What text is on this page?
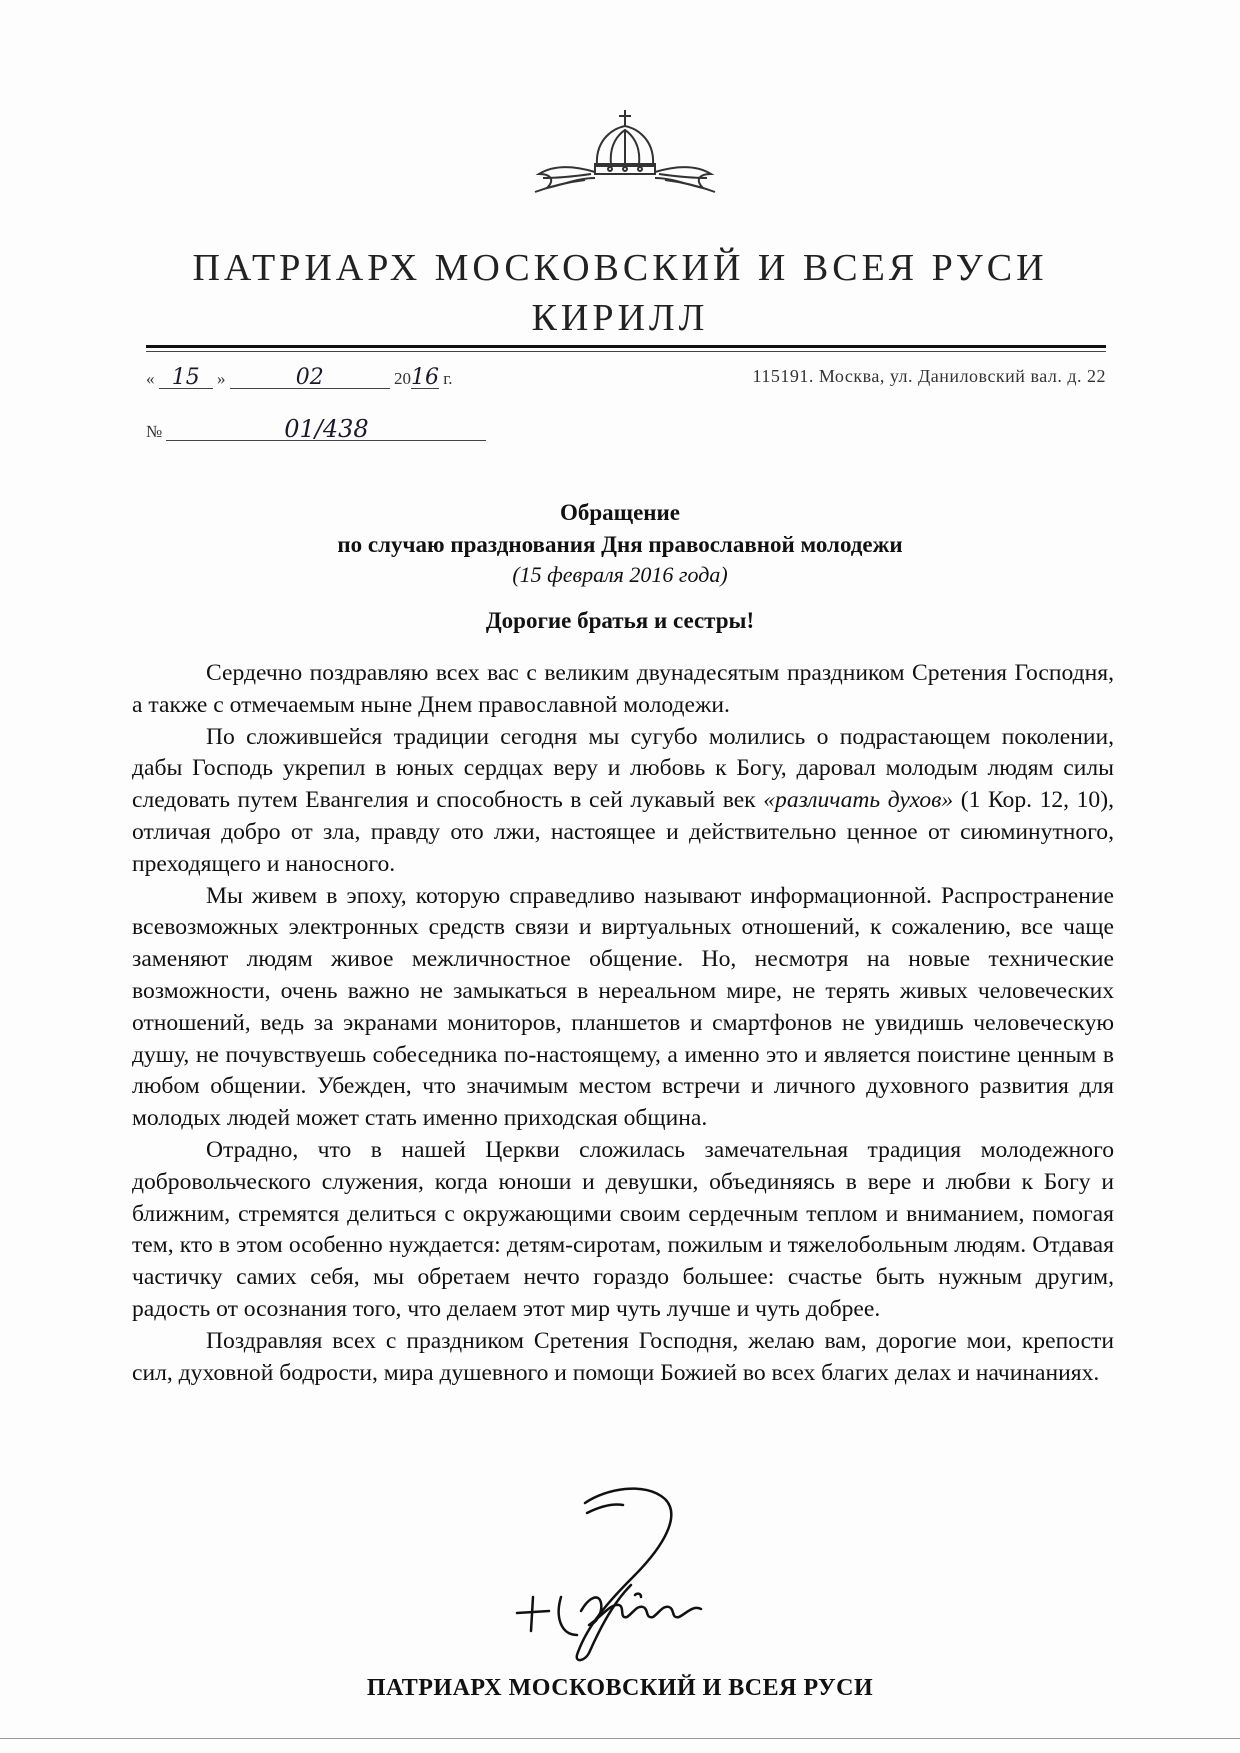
ПАТРИАРХ МОСКОВСКИЙ И ВСЕЯ РУСИ
КИРИЛЛ
« 15 »	02	2016 г.
№	01/438
115191. Москва, ул. Даниловский вал. д. 22
Обращение
по случаю празднования Дня православной молодежи
(15 февраля 2016 года)
Дорогие братья и сестры!

Сердечно поздравляю всех вас с великим двунадесятым праздником Сретения Господня, а также с отмечаемым ныне Днем православной молодежи.

По сложившейся традиции сегодня мы сугубо молились о подрастающем поколении, дабы Господь укрепил в юных сердцах веру и любовь к Богу, даровал молодым людям силы следовать путем Евангелия и способность в сей лукавый век «различать духов» (1 Кор. 12, 10), отличая добро от зла, правду ото лжи, настоящее и действительно ценное от сиюминутного, преходящего и наносного.

Мы живем в эпоху, которую справедливо называют информационной. Распространение всевозможных электронных средств связи и виртуальных отношений, к сожалению, все чаще заменяют людям живое межличностное общение. Но, несмотря на новые технические возможности, очень важно не замыкаться в нереальном мире, не терять живых человеческих отношений, ведь за экранами мониторов, планшетов и смартфонов не увидишь человеческую душу, не почувствуешь собеседника по-настоящему, а именно это и является поистине ценным в любом общении. Убежден, что значимым местом встречи и личного духовного развития для молодых людей может стать именно приходская община.

Отрадно, что в нашей Церкви сложилась замечательная традиция молодежного добровольческого служения, когда юноши и девушки, объединяясь в вере и любви к Богу и ближним, стремятся делиться с окружающими своим сердечным теплом и вниманием, помогая тем, кто в этом особенно нуждается: детям-сиротам, пожилым и тяжелобольным людям. Отдавая частичку самих себя, мы обретаем нечто гораздо большее: счастье быть нужным другим, радость от осознания того, что делаем этот мир чуть лучше и чуть добрее.

Поздравляя всех с праздником Сретения Господня, желаю вам, дорогие мои, крепости сил, духовной бодрости, мира душевного и помощи Божией во всех благих делах и начинаниях.

ПАТРИАРХ МОСКОВСКИЙ И ВСЕЯ РУСИ
